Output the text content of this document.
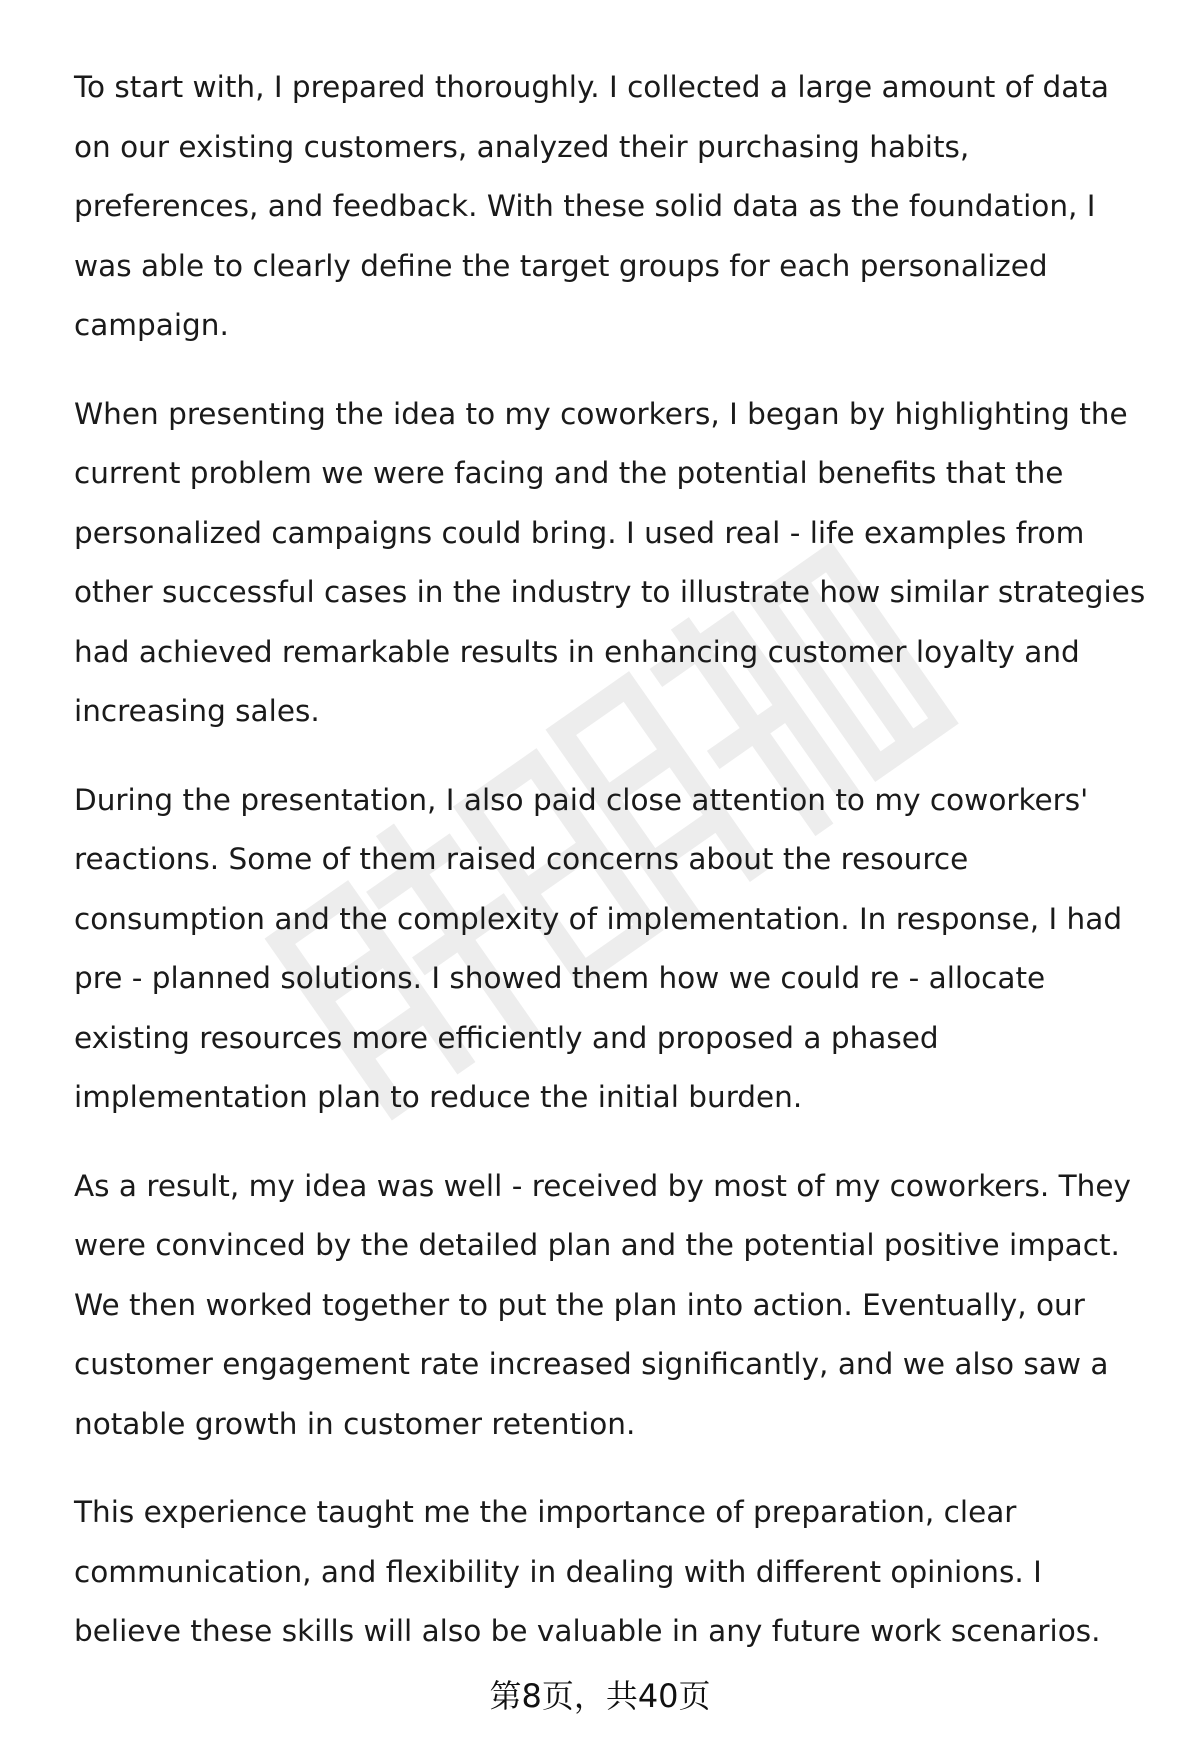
To start with, I prepared thoroughly. I collected a large amount of data on our existing customers, analyzed their purchasing habits, preferences, and feedback. With these solid data as the foundation, I was able to clearly define the target groups for each personalized campaign.

When presenting the idea to my coworkers, I began by highlighting the current problem we were facing and the potential benefits that the personalized campaigns could bring. I used real - life examples from other successful cases in the industry to illustrate how similar strategies had achieved remarkable results in enhancing customer loyalty and increasing sales.

During the presentation, I also paid close attention to my coworkers' reactions. Some of them raised concerns about the resource consumption and the complexity of implementation. In response, I had pre - planned solutions. I showed them how we could re - allocate existing resources more efficiently and proposed a phased implementation plan to reduce the initial burden.

As a result, my idea was well - received by most of my coworkers. They were convinced by the detailed plan and the potential positive impact. We then worked together to put the plan into action. Eventually, our customer engagement rate increased significantly, and we also saw a notable growth in customer retention.

This experience taught me the importance of preparation, clear communication, and flexibility in dealing with different opinions. I believe these skills will also be valuable in any future work scenarios.

第8页，共40页
